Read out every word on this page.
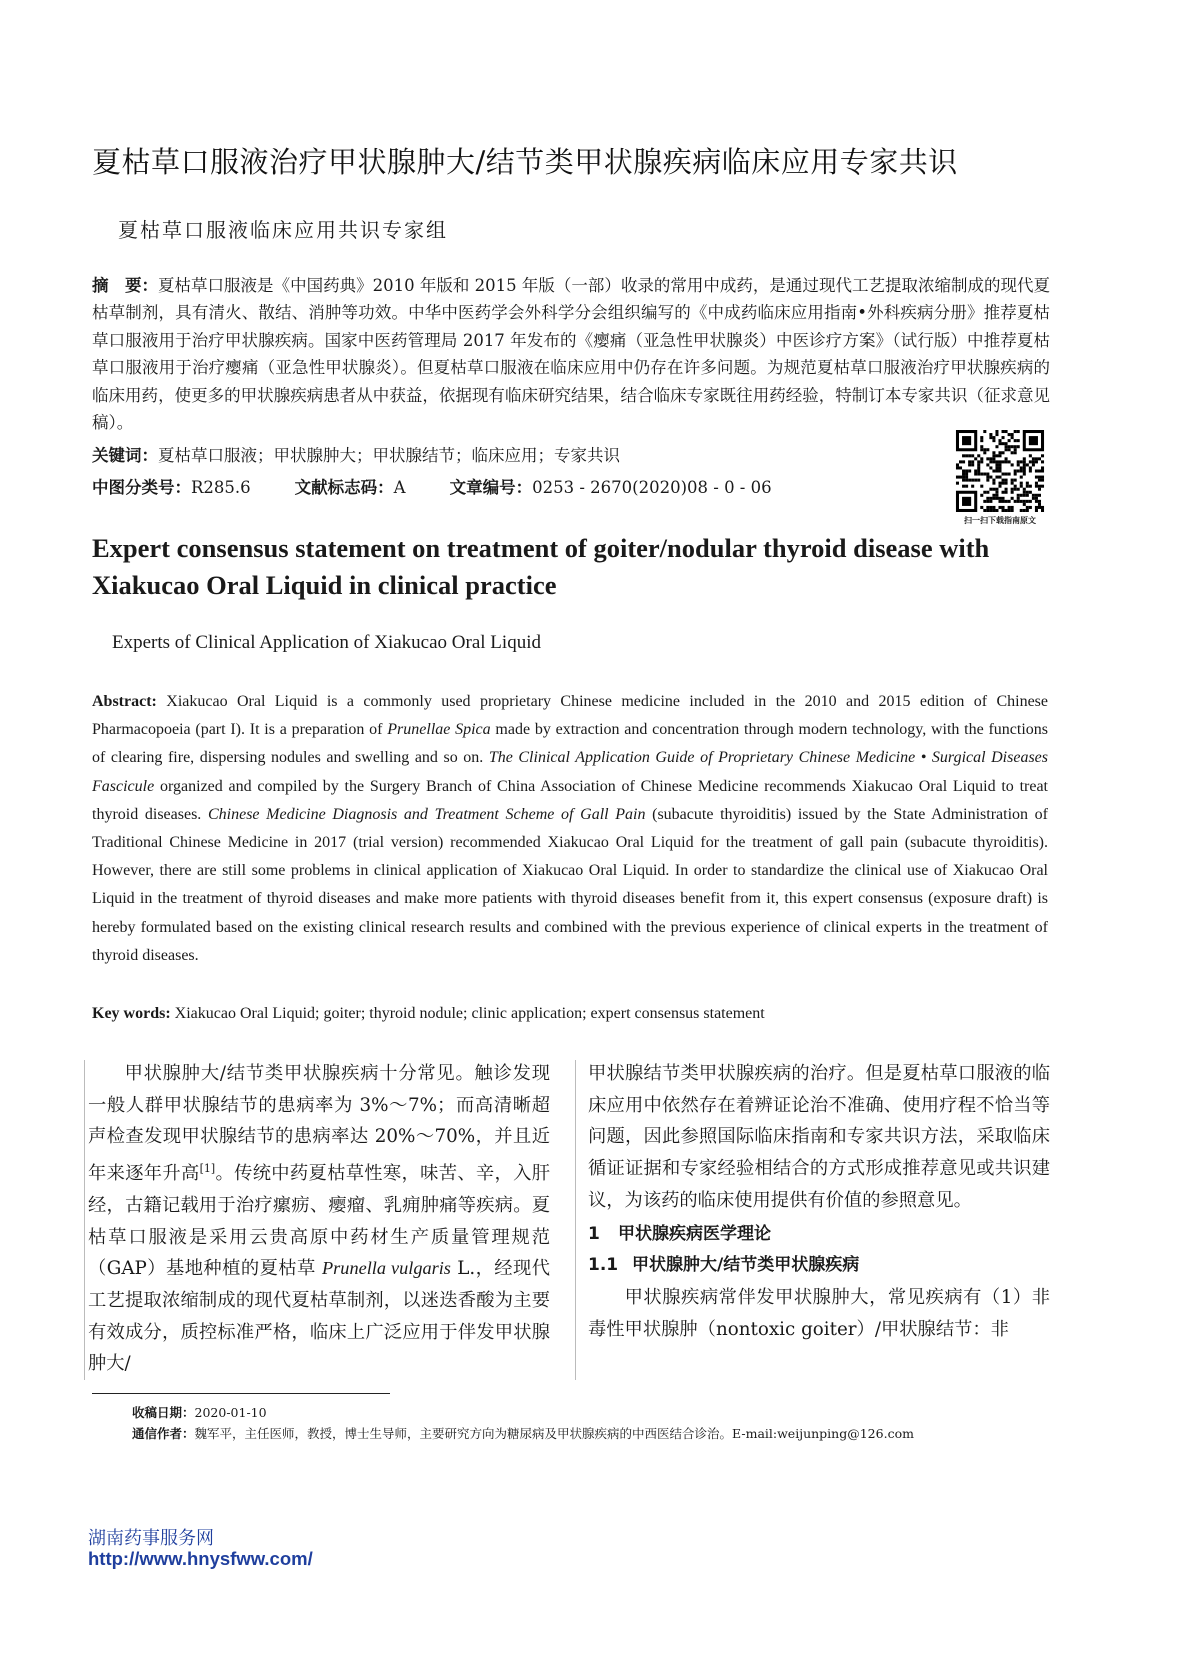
夏枯草口服液治疗甲状腺肿大/结节类甲状腺疾病临床应用专家共识
夏枯草口服液临床应用共识专家组
摘　要：夏枯草口服液是《中国药典》2010 年版和 2015 年版（一部）收录的常用中成药，是通过现代工艺提取浓缩制成的现代夏枯草制剂，具有清火、散结、消肿等功效。中华中医药学会外科学分会组织编写的《中成药临床应用指南•外科疾病分册》推荐夏枯草口服液用于治疗甲状腺疾病。国家中医药管理局 2017 年发布的《瘿痛（亚急性甲状腺炎）中医诊疗方案》（试行版）中推荐夏枯草口服液用于治疗瘿痛（亚急性甲状腺炎）。但夏枯草口服液在临床应用中仍存在许多问题。为规范夏枯草口服液治疗甲状腺疾病的临床用药，使更多的甲状腺疾病患者从中获益，依据现有临床研究结果，结合临床专家既往用药经验，特制订本专家共识（征求意见稿）。
关键词：夏枯草口服液；甲状腺肿大；甲状腺结节；临床应用；专家共识
中图分类号：R285.6	文献标志码：A	文章编号：0253 - 2670(2020)08 - 0 - 06
扫一扫下载指南原文
Expert consensus statement on treatment of goiter/nodular thyroid disease with Xiakucao Oral Liquid in clinical practice
Experts of Clinical Application of Xiakucao Oral Liquid
Abstract: Xiakucao Oral Liquid is a commonly used proprietary Chinese medicine included in the 2010 and 2015 edition of Chinese Pharmacopoeia (part I). It is a preparation of Prunellae Spica made by extraction and concentration through modern technology, with the functions of clearing fire, dispersing nodules and swelling and so on. The Clinical Application Guide of Proprietary Chinese Medicine • Surgical Diseases Fascicule organized and compiled by the Surgery Branch of China Association of Chinese Medicine recommends Xiakucao Oral Liquid to treat thyroid diseases. Chinese Medicine Diagnosis and Treatment Scheme of Gall Pain (subacute thyroiditis) issued by the State Administration of Traditional Chinese Medicine in 2017 (trial version) recommended Xiakucao Oral Liquid for the treatment of gall pain (subacute thyroiditis). However, there are still some problems in clinical application of Xiakucao Oral Liquid. In order to standardize the clinical use of Xiakucao Oral Liquid in the treatment of thyroid diseases and make more patients with thyroid diseases benefit from it, this expert consensus (exposure draft) is hereby formulated based on the existing clinical research results and combined with the previous experience of clinical experts in the treatment of thyroid diseases.
Key words: Xiakucao Oral Liquid; goiter; thyroid nodule; clinic application; expert consensus statement

甲状腺肿大/结节类甲状腺疾病十分常见。触诊发现一般人群甲状腺结节的患病率为 3%～7%；而高清晰超声检查发现甲状腺结节的患病率达 20%～70%，并且近年来逐年升高[1]。传统中药夏枯草性寒，味苦、辛，入肝经，古籍记载用于治疗瘰疬、瘿瘤、乳痈肿痛等疾病。夏枯草口服液是采用云贵高原中药材生产质量管理规范（GAP）基地种植的夏枯草 Prunella vulgaris L.，经现代工艺提取浓缩制成的现代夏枯草制剂，以迷迭香酸为主要有效成分，质控标准严格，临床上广泛应用于伴发甲状腺肿大/

甲状腺结节类甲状腺疾病的治疗。但是夏枯草口服液的临床应用中依然存在着辨证论治不准确、使用疗程不恰当等问题，因此参照国际临床指南和专家共识方法，采取临床循证证据和专家经验相结合的方式形成推荐意见或共识建议，为该药的临床使用提供有价值的参照意见。

1 甲状腺疾病医学理论

1.1 甲状腺肿大/结节类甲状腺疾病

甲状腺疾病常伴发甲状腺肿大，常见疾病有（1）非毒性甲状腺肿（nontoxic goiter）/甲状腺结节：非

收稿日期：2020-01-10
通信作者：魏军平，主任医师，教授，博士生导师，主要研究方向为糖尿病及甲状腺疾病的中西医结合诊治。E-mail:weijunping@126.com
湖南药事服务网
http://www.hnysfww.com/
